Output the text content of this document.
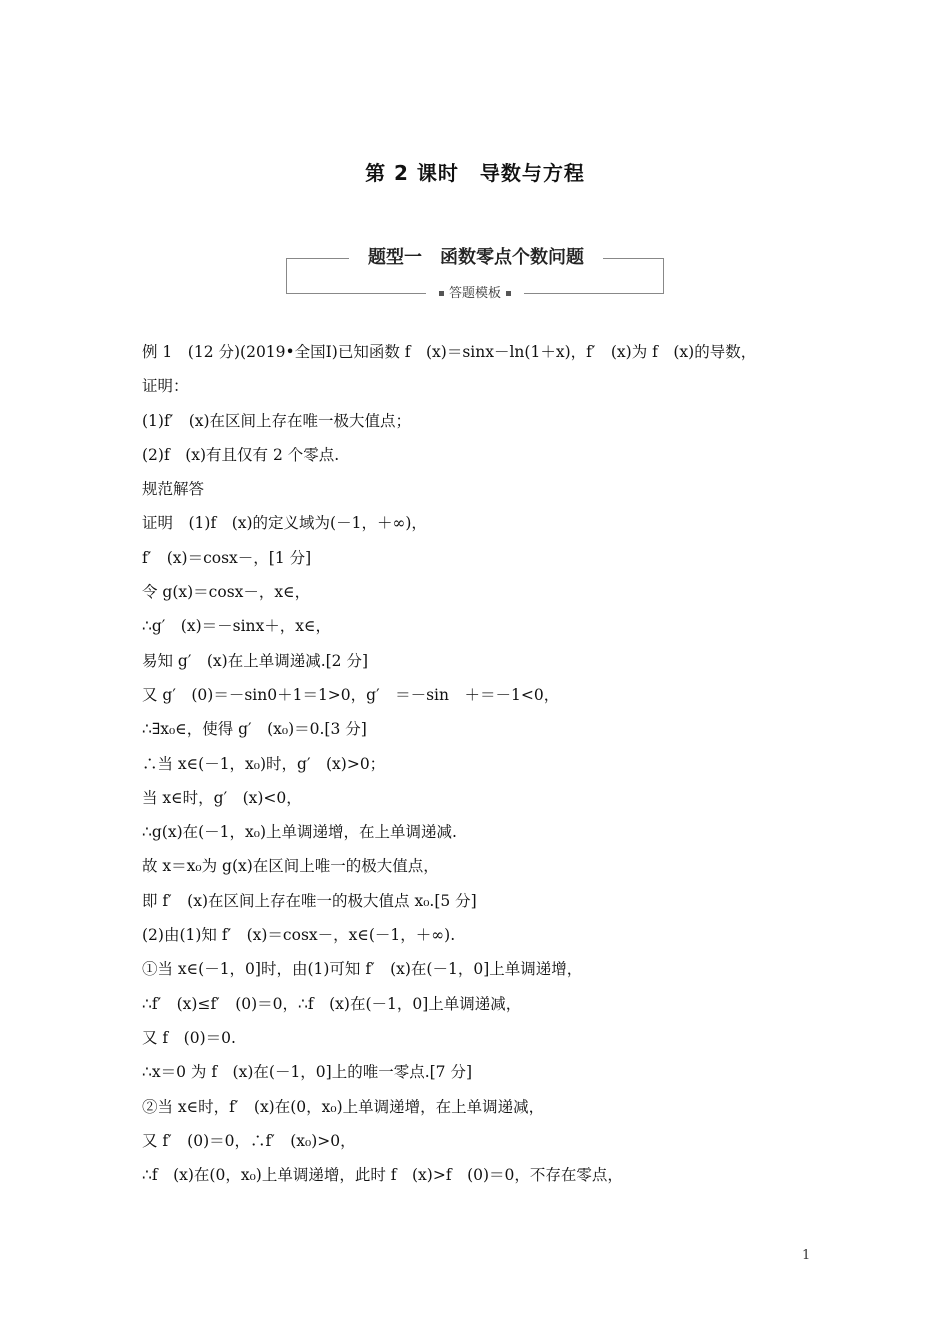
第 2 课时　导数与方程
题型一 函数零点个数问题
答题模板
例 1　(12 分)(2019•全国Ⅰ)已知函数 f　(x)＝sinx－ln(1＋x)，f′　(x)为 f　(x)的导数，
证明：
(1)f′　(x)在区间上存在唯一极大值点；
(2)f　(x)有且仅有 2 个零点.
规范解答
证明　(1)f　(x)的定义域为(－1，＋∞)，
f′　(x)＝cosx－，[1 分]
令 g(x)＝cosx－，x∈，
∴g′　(x)＝－sinx＋，x∈，
易知 g′　(x)在上单调递减.[2 分]
又 g′　(0)＝－sin0＋1＝1>0，g′　＝－sin　＋＝－1<0，
∴∃x₀∈，使得 g′　(x₀)＝0.[3 分]
∴当 x∈(－1，x₀)时，g′　(x)>0；
当 x∈时，g′　(x)<0，
∴g(x)在(－1，x₀)上单调递增，在上单调递减.
故 x＝x₀为 g(x)在区间上唯一的极大值点，
即 f′　(x)在区间上存在唯一的极大值点 x₀.[5 分]
(2)由(1)知 f′　(x)＝cosx－，x∈(－1，＋∞).
①当 x∈(－1，0]时，由(1)可知 f′　(x)在(－1，0]上单调递增，
∴f′　(x)≤f′　(0)＝0，∴f　(x)在(－1，0]上单调递减，
又 f　(0)＝0.
∴x＝0 为 f　(x)在(－1，0]上的唯一零点.[7 分]
②当 x∈时，f′　(x)在(0，x₀)上单调递增，在上单调递减，
又 f′　(0)＝0，∴f′　(x₀)>0，
∴f　(x)在(0，x₀)上单调递增，此时 f　(x)>f　(0)＝0，不存在零点，
1
